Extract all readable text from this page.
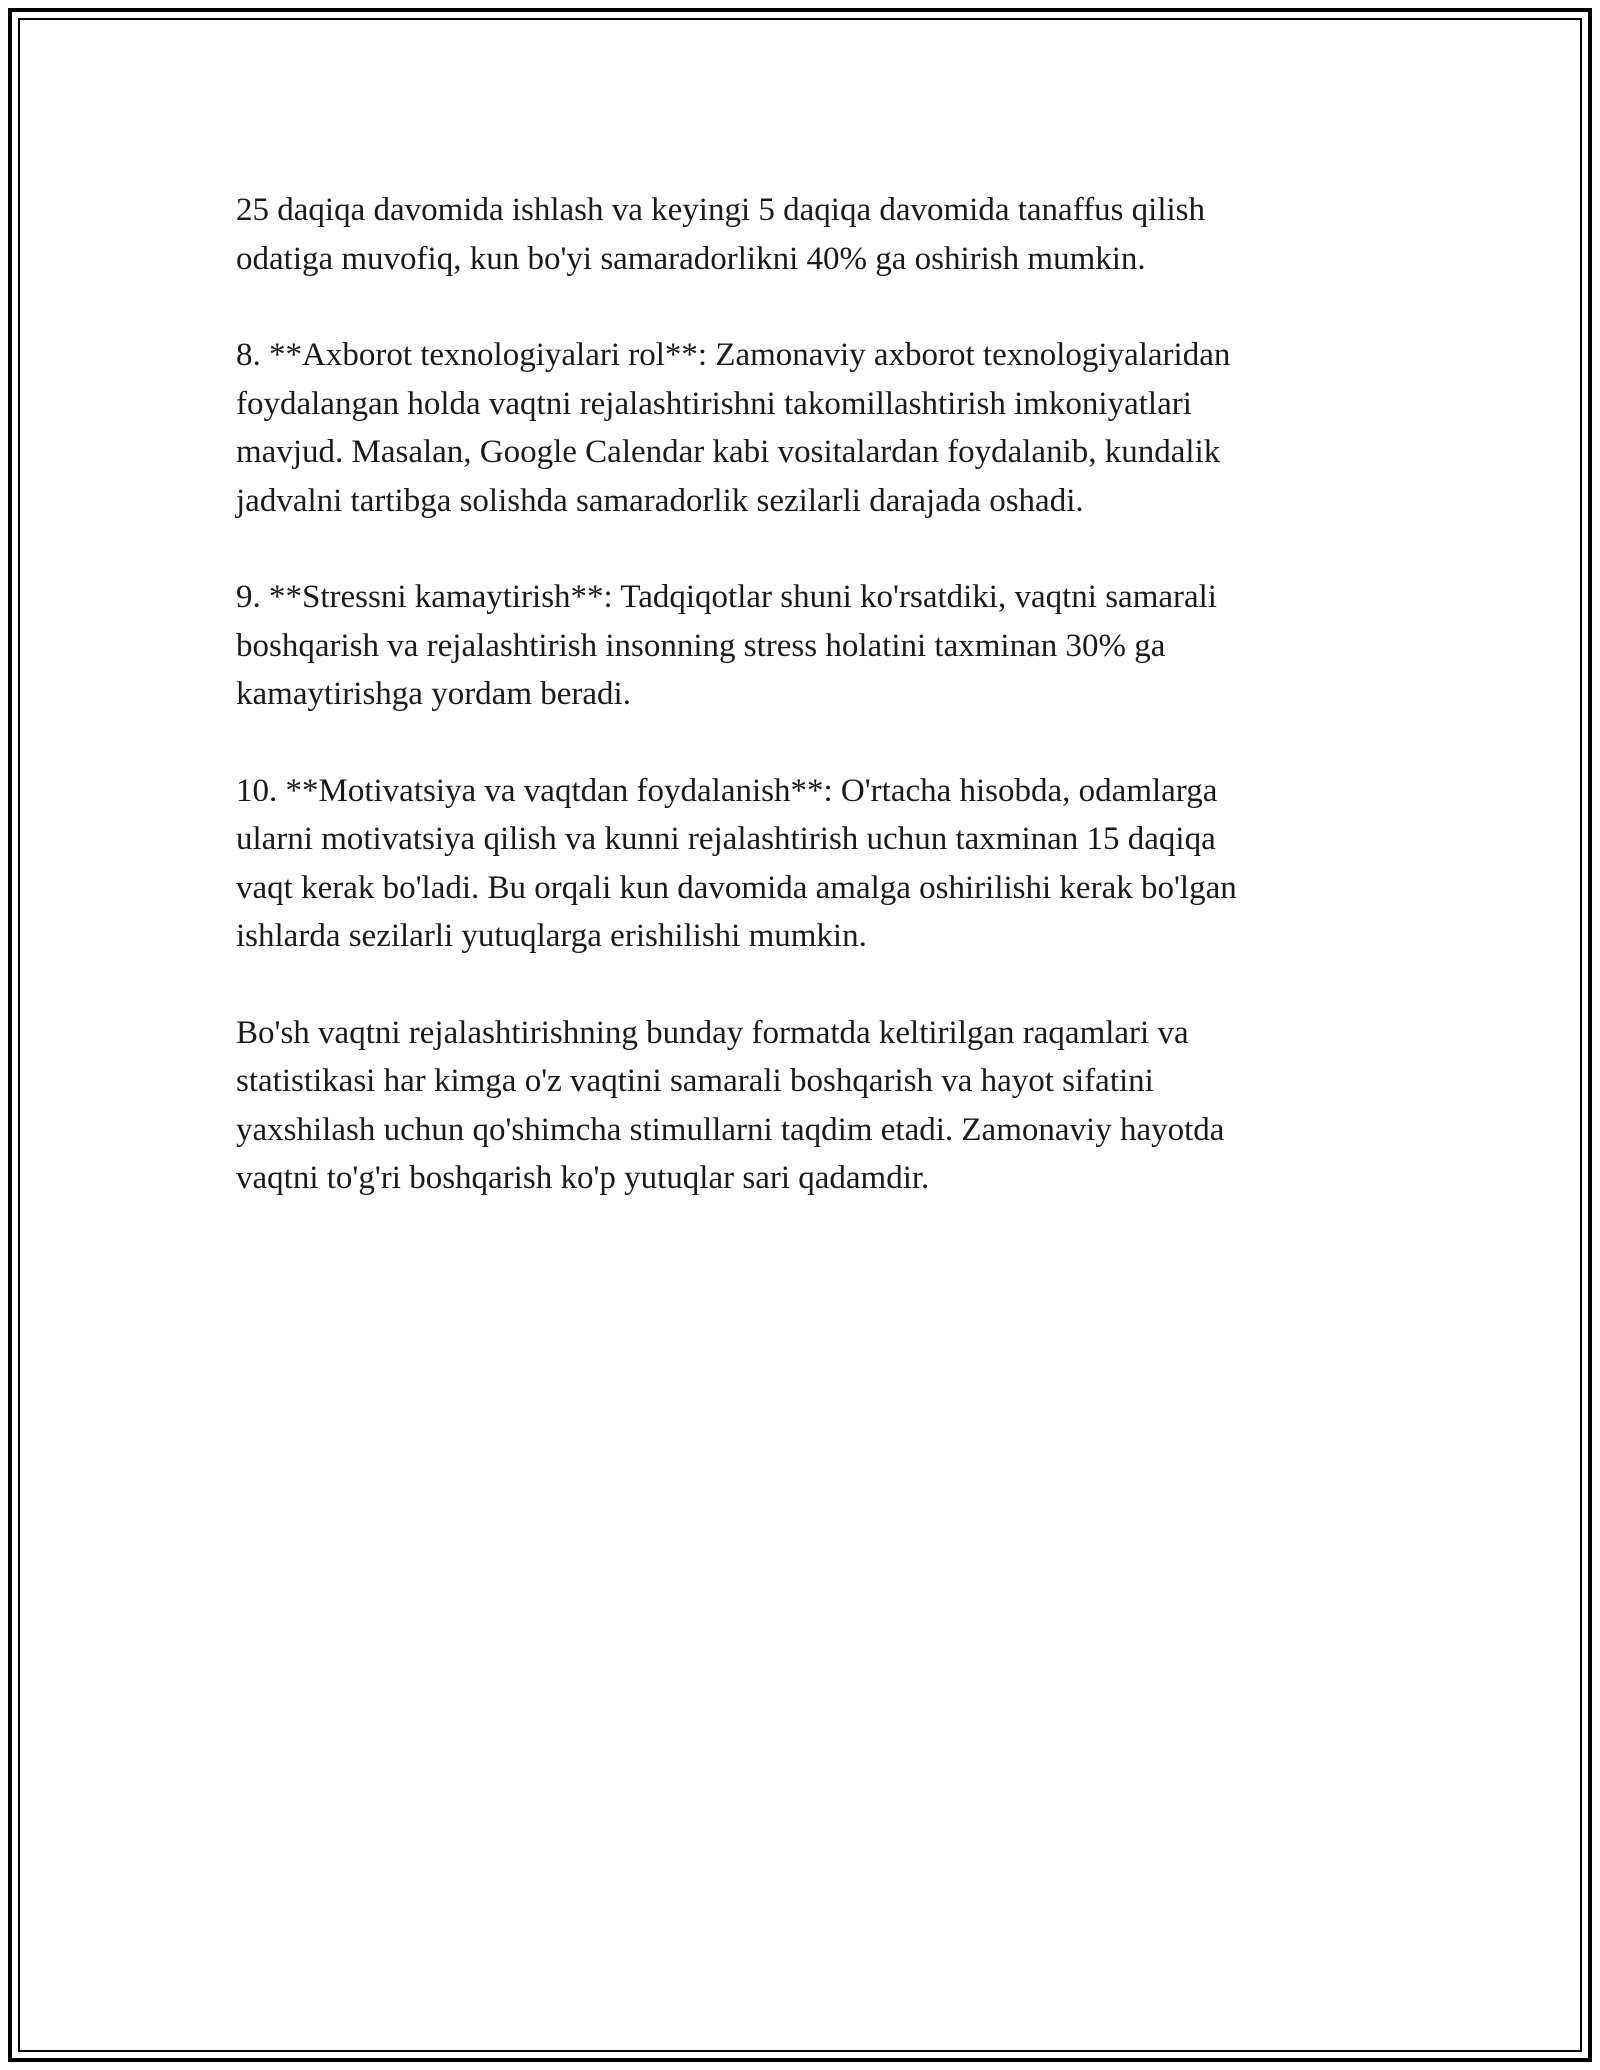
25 daqiqa davomida ishlash va keyingi 5 daqiqa davomida tanaffus qilish
odatiga muvofiq, kun bo'yi samaradorlikni 40% ga oshirish mumkin.

8. **Axborot texnologiyalari rol**: Zamonaviy axborot texnologiyalaridan
foydalangan holda vaqtni rejalashtirishni takomillashtirish imkoniyatlari
mavjud. Masalan, Google Calendar kabi vositalardan foydalanib, kundalik
jadvalni tartibga solishda samaradorlik sezilarli darajada oshadi.

9. **Stressni kamaytirish**: Tadqiqotlar shuni ko'rsatdiki, vaqtni samarali
boshqarish va rejalashtirish insonning stress holatini taxminan 30% ga
kamaytirishga yordam beradi.

10. **Motivatsiya va vaqtdan foydalanish**: O'rtacha hisobda, odamlarga
ularni motivatsiya qilish va kunni rejalashtirish uchun taxminan 15 daqiqa
vaqt kerak bo'ladi. Bu orqali kun davomida amalga oshirilishi kerak bo'lgan
ishlarda sezilarli yutuqlarga erishilishi mumkin.

Bo'sh vaqtni rejalashtirishning bunday formatda keltirilgan raqamlari va
statistikasi har kimga o'z vaqtini samarali boshqarish va hayot sifatini
yaxshilash uchun qo'shimcha stimullarni taqdim etadi. Zamonaviy hayotda
vaqtni to'g'ri boshqarish ko'p yutuqlar sari qadamdir.
